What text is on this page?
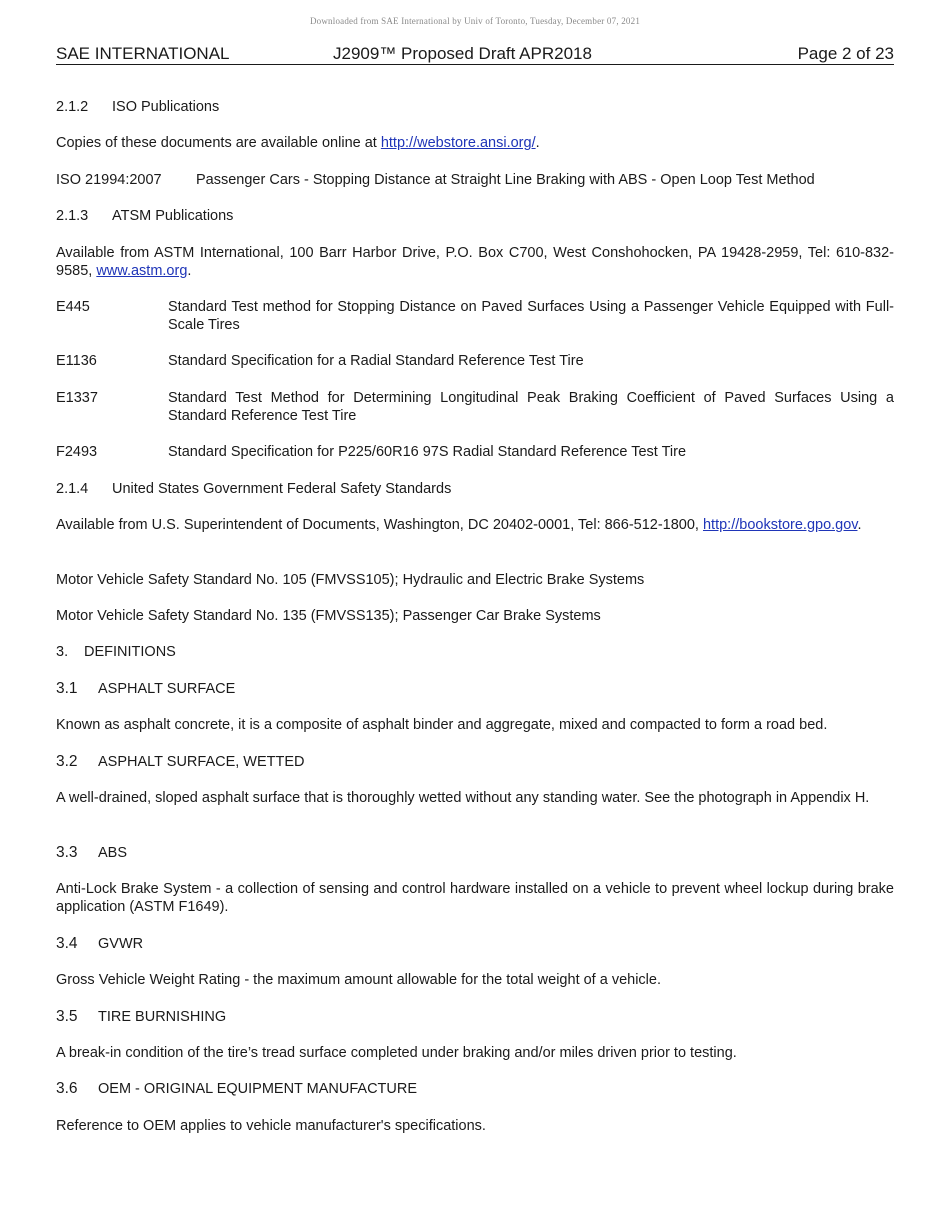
Downloaded from SAE International by Univ of Toronto, Tuesday, December 07, 2021
SAE INTERNATIONAL	J2909™ Proposed Draft APR2018	Page 2 of 23
2.1.2 ISO Publications
Copies of these documents are available online at http://webstore.ansi.org/.
ISO 21994:2007 Passenger Cars - Stopping Distance at Straight Line Braking with ABS - Open Loop Test Method
2.1.3 ATSM Publications
Available from ASTM International, 100 Barr Harbor Drive, P.O. Box C700, West Conshohocken, PA 19428-2959, Tel: 610-832-9585, www.astm.org.
E445	Standard Test method for Stopping Distance on Paved Surfaces Using a Passenger Vehicle Equipped with Full-Scale Tires
E1136	Standard Specification for a Radial Standard Reference Test Tire
E1337	Standard Test Method for Determining Longitudinal Peak Braking Coefficient of Paved Surfaces Using a Standard Reference Test Tire
F2493	Standard Specification for P225/60R16 97S Radial Standard Reference Test Tire
2.1.4 United States Government Federal Safety Standards
Available from U.S. Superintendent of Documents, Washington, DC 20402-0001, Tel: 866-512-1800, http://bookstore.gpo.gov.
Motor Vehicle Safety Standard No. 105 (FMVSS105); Hydraulic and Electric Brake Systems
Motor Vehicle Safety Standard No. 135 (FMVSS135); Passenger Car Brake Systems
3. DEFINITIONS
3.1 ASPHALT SURFACE
Known as asphalt concrete, it is a composite of asphalt binder and aggregate, mixed and compacted to form a road bed.
3.2 ASPHALT SURFACE, WETTED
A well-drained, sloped asphalt surface that is thoroughly wetted without any standing water. See the photograph in Appendix H.
3.3 ABS
Anti-Lock Brake System - a collection of sensing and control hardware installed on a vehicle to prevent wheel lockup during brake application (ASTM F1649).
3.4 GVWR
Gross Vehicle Weight Rating - the maximum amount allowable for the total weight of a vehicle.
3.5 TIRE BURNISHING
A break-in condition of the tire’s tread surface completed under braking and/or miles driven prior to testing.
3.6 OEM - ORIGINAL EQUIPMENT MANUFACTURE
Reference to OEM applies to vehicle manufacturer's specifications.
